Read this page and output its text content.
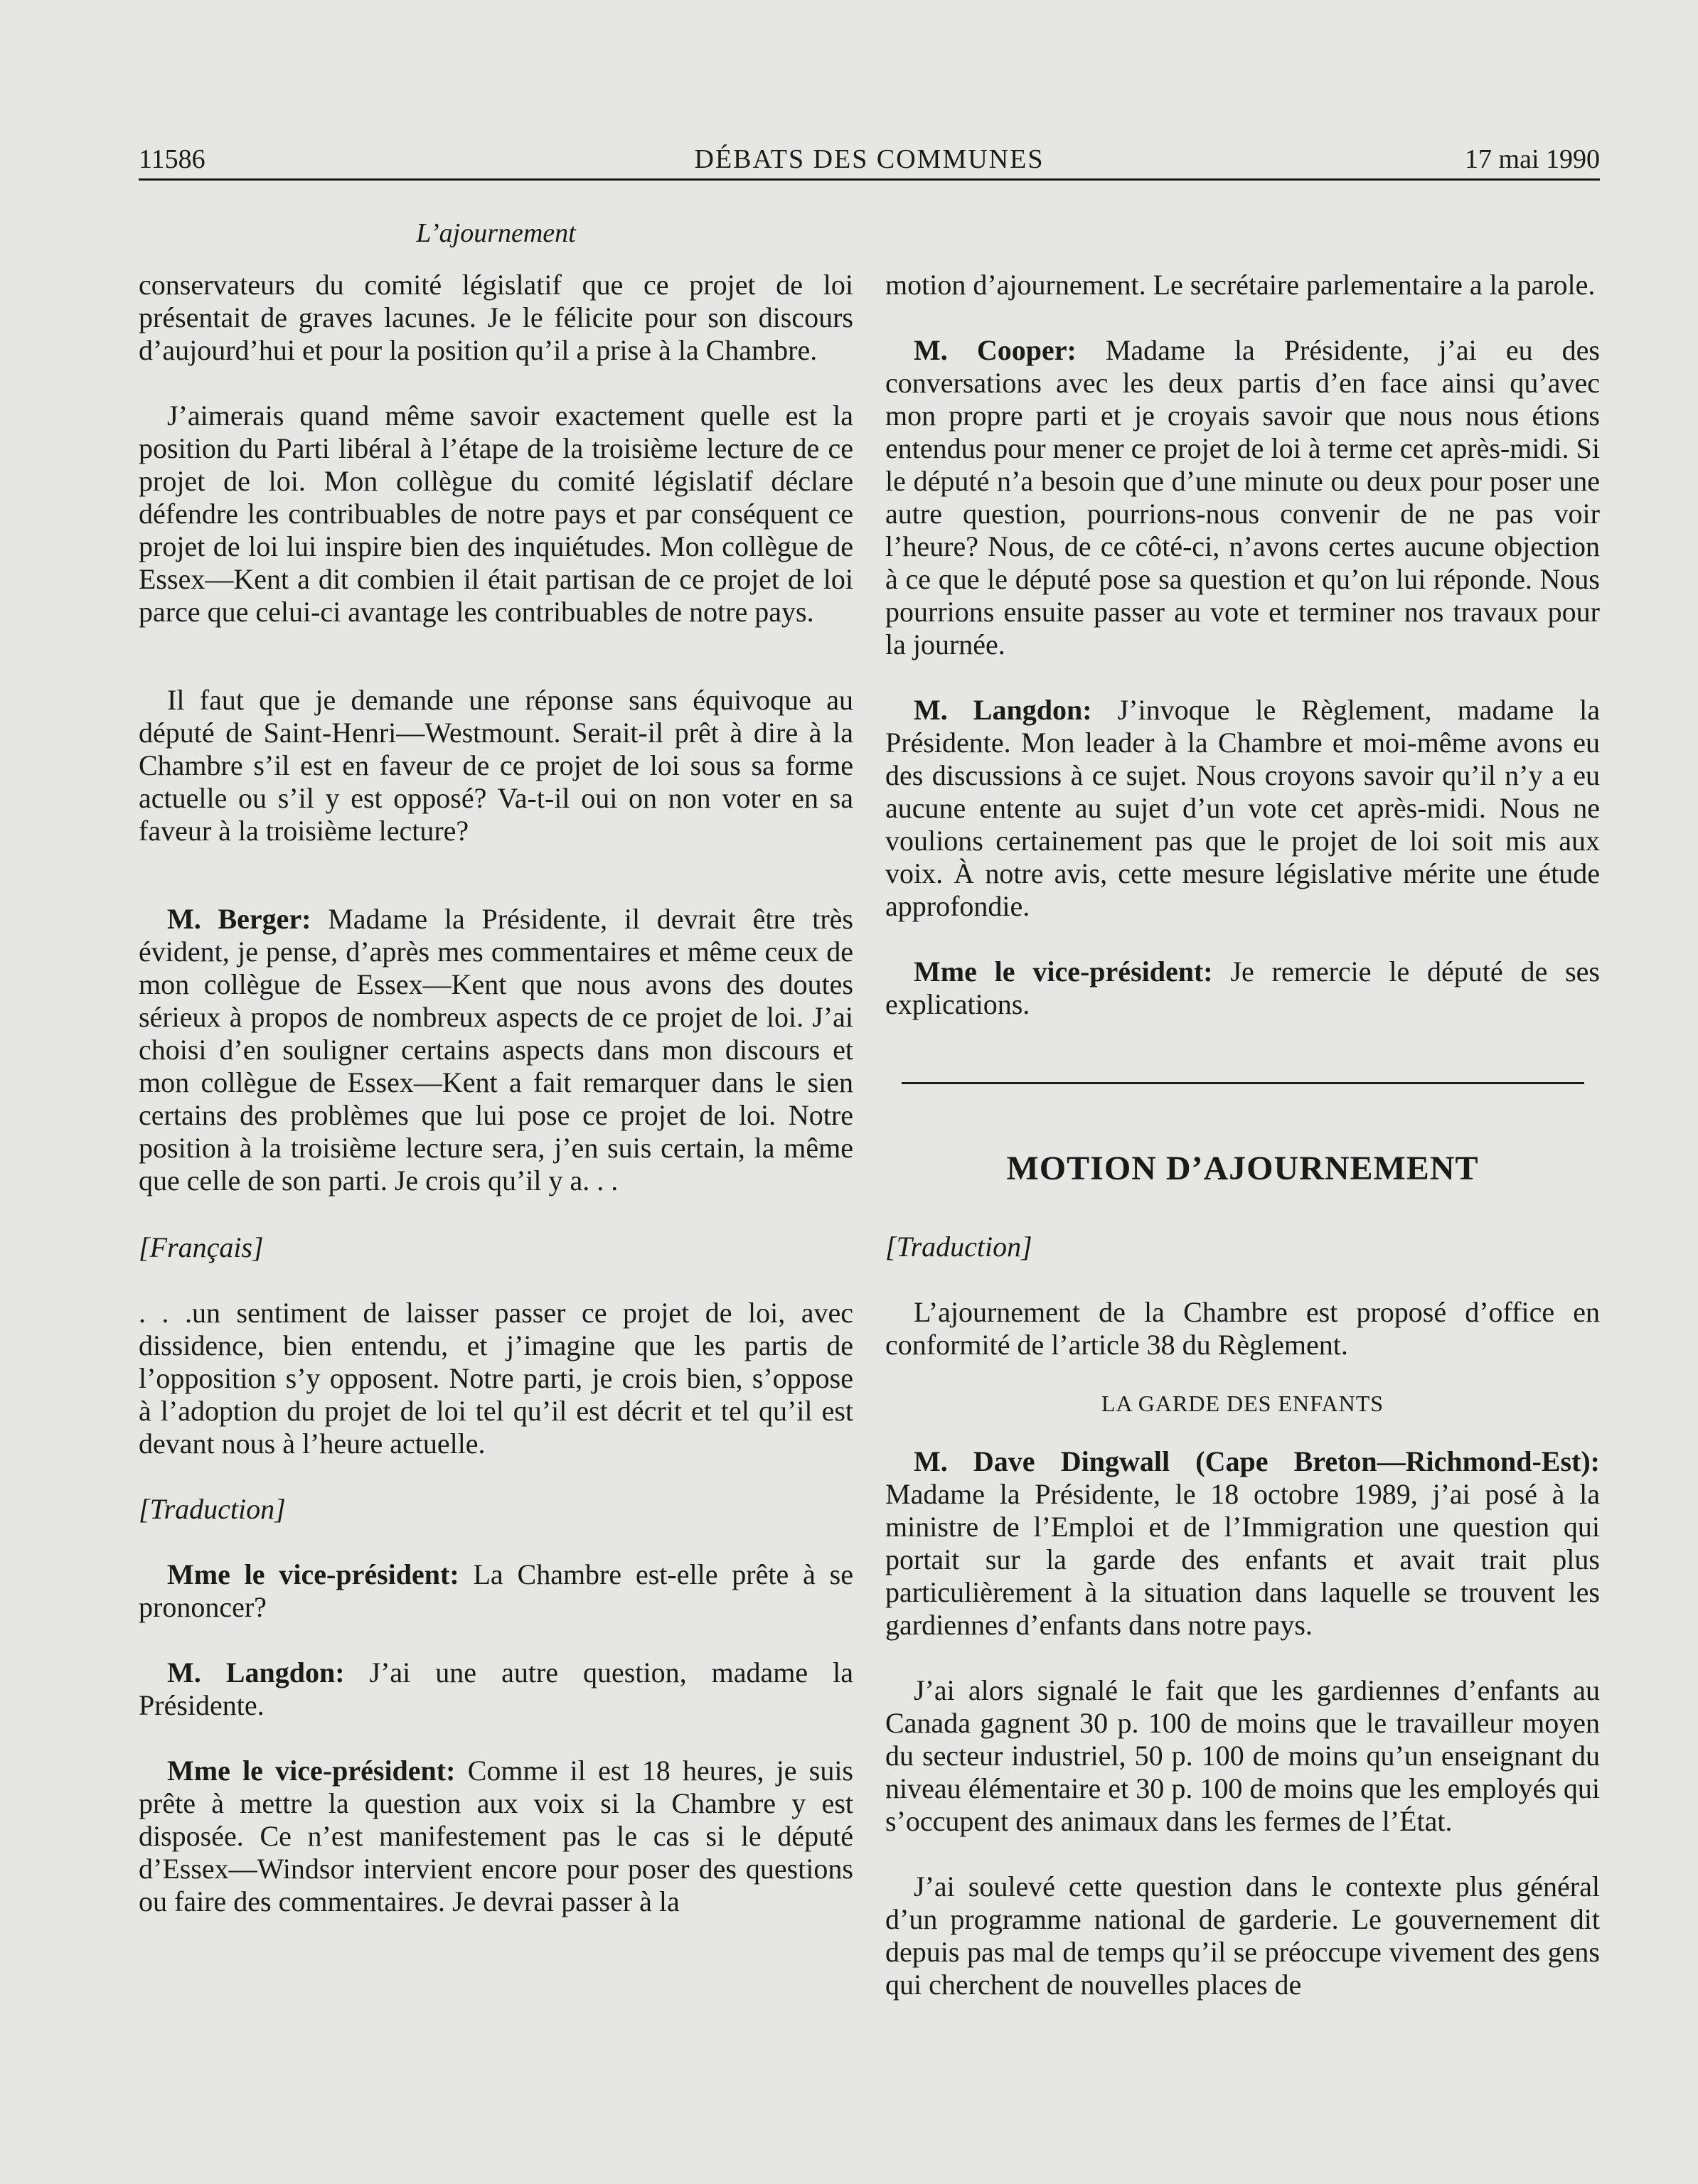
11586	DÉBATS DES COMMUNES	17 mai 1990
L’ajournement

conservateurs du comité législatif que ce projet de loi présentait de graves lacunes. Je le félicite pour son discours d’aujourd’hui et pour la position qu’il a prise à la Chambre.

J’aimerais quand même savoir exactement quelle est la position du Parti libéral à l’étape de la troisième lecture de ce projet de loi. Mon collègue du comité législatif déclare défendre les contribuables de notre pays et par conséquent ce projet de loi lui inspire bien des inquiétudes. Mon collègue de Essex—Kent a dit combien il était partisan de ce projet de loi parce que celui-ci avantage les contribuables de notre pays.

Il faut que je demande une réponse sans équivoque au député de Saint-Henri—Westmount. Serait-il prêt à dire à la Chambre s’il est en faveur de ce projet de loi sous sa forme actuelle ou s’il y est opposé? Va-t-il oui on non voter en sa faveur à la troisième lecture?

M. Berger: Madame la Présidente, il devrait être très évident, je pense, d’après mes commentaires et même ceux de mon collègue de Essex—Kent que nous avons des doutes sérieux à propos de nombreux aspects de ce projet de loi. J’ai choisi d’en souligner certains aspects dans mon discours et mon collègue de Essex—Kent a fait remarquer dans le sien certains des problèmes que lui pose ce projet de loi. Notre position à la troisième lecture sera, j’en suis certain, la même que celle de son parti. Je crois qu’il y a. . .

[Français]

. . .un sentiment de laisser passer ce projet de loi, avec dissidence, bien entendu, et j’imagine que les partis de l’opposition s’y opposent. Notre parti, je crois bien, s’oppose à l’adoption du projet de loi tel qu’il est décrit et tel qu’il est devant nous à l’heure actuelle.

[Traduction]

Mme le vice-président: La Chambre est-elle prête à se prononcer?

M. Langdon: J’ai une autre question, madame la Présidente.

Mme le vice-président: Comme il est 18 heures, je suis prête à mettre la question aux voix si la Chambre y est disposée. Ce n’est manifestement pas le cas si le député d’Essex—Windsor intervient encore pour poser des questions ou faire des commentaires. Je devrai passer à la

motion d’ajournement. Le secrétaire parlementaire a la parole.

M. Cooper: Madame la Présidente, j’ai eu des conversations avec les deux partis d’en face ainsi qu’avec mon propre parti et je croyais savoir que nous nous étions entendus pour mener ce projet de loi à terme cet après-midi. Si le député n’a besoin que d’une minute ou deux pour poser une autre question, pourrions-nous convenir de ne pas voir l’heure? Nous, de ce côté-ci, n’avons certes aucune objection à ce que le député pose sa question et qu’on lui réponde. Nous pourrions ensuite passer au vote et terminer nos travaux pour la journée.

M. Langdon: J’invoque le Règlement, madame la Présidente. Mon leader à la Chambre et moi-même avons eu des discussions à ce sujet. Nous croyons savoir qu’il n’y a eu aucune entente au sujet d’un vote cet après-midi. Nous ne voulions certainement pas que le projet de loi soit mis aux voix. À notre avis, cette mesure législative mérite une étude approfondie.

Mme le vice-président: Je remercie le député de ses explications.

MOTION D’AJOURNEMENT

[Traduction]

L’ajournement de la Chambre est proposé d’office en conformité de l’article 38 du Règlement.

LA GARDE DES ENFANTS

M. Dave Dingwall (Cape Breton—Richmond-Est): Madame la Présidente, le 18 octobre 1989, j’ai posé à la ministre de l’Emploi et de l’Immigration une question qui portait sur la garde des enfants et avait trait plus particulièrement à la situation dans laquelle se trouvent les gardiennes d’enfants dans notre pays.

J’ai alors signalé le fait que les gardiennes d’enfants au Canada gagnent 30 p. 100 de moins que le travailleur moyen du secteur industriel, 50 p. 100 de moins qu’un enseignant du niveau élémentaire et 30 p. 100 de moins que les employés qui s’occupent des animaux dans les fermes de l’État.

J’ai soulevé cette question dans le contexte plus général d’un programme national de garderie. Le gouvernement dit depuis pas mal de temps qu’il se préoccupe vivement des gens qui cherchent de nouvelles places de
